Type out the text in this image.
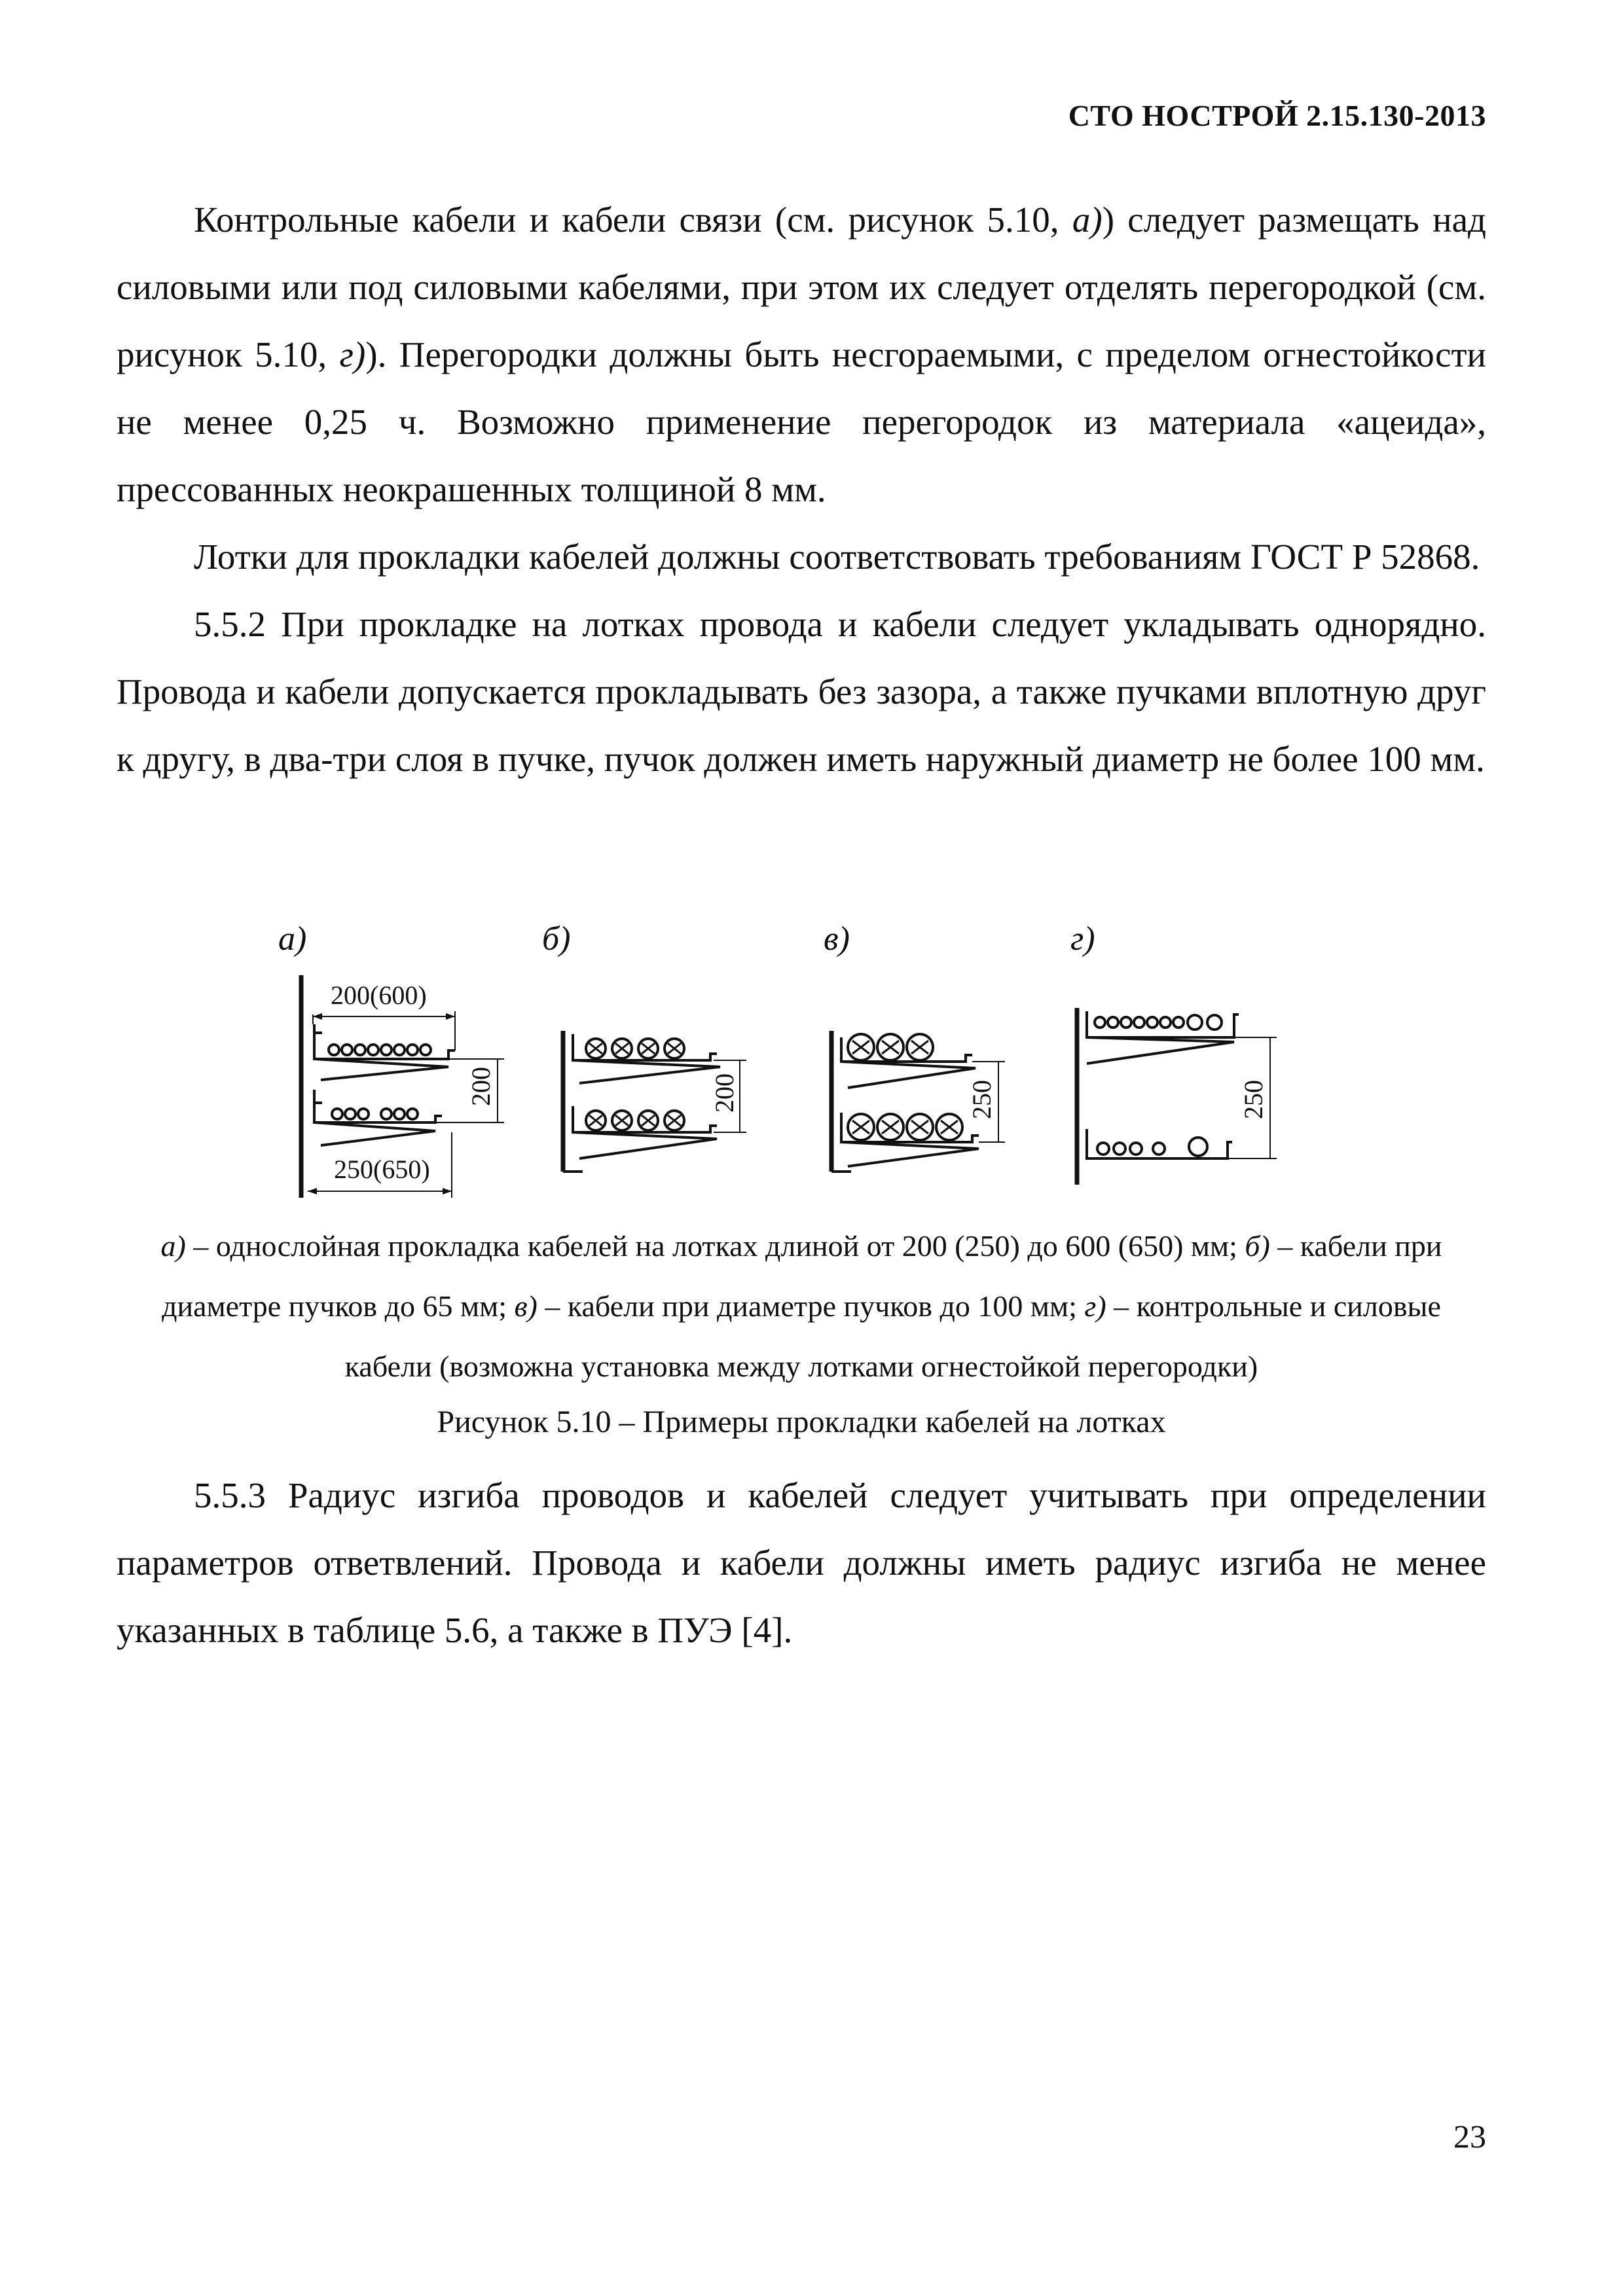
СТО НОСТРОЙ 2.15.130-2013

Контрольные кабели и кабели связи (см. рисунок 5.10, а)) следует размещать над силовыми или под силовыми кабелями, при этом их следует отделять перегородкой (см. рисунок 5.10, г)). Перегородки должны быть несгораемыми, с пределом огнестойкости не менее 0,25 ч. Возможно применение перегородок из материала «ацеида», прессованных неокрашенных толщиной 8 мм.

Лотки для прокладки кабелей должны соответствовать требованиям ГОСТ Р 52868.

5.5.2 При прокладке на лотках провода и кабели следует укладывать однорядно. Провода и кабели допускается прокладывать без зазора, а также пучками вплотную друг к другу, в два-три слоя в пучке, пучок должен иметь наружный диаметр не более 100 мм.

а)	б)	в)	г)
200(600)
250(650)
200	200	250	250

а) – однослойная прокладка кабелей на лотках длиной от 200 (250) до 600 (650) мм; б) – кабели при диаметре пучков до 65 мм; в) – кабели при диаметре пучков до 100 мм; г) – контрольные и силовые кабели (возможна установка между лотками огнестойкой перегородки)

Рисунок 5.10 – Примеры прокладки кабелей на лотках

5.5.3 Радиус изгиба проводов и кабелей следует учитывать при определении параметров ответвлений. Провода и кабели должны иметь радиус изгиба не менее указанных в таблице 5.6, а также в ПУЭ [4].

23
